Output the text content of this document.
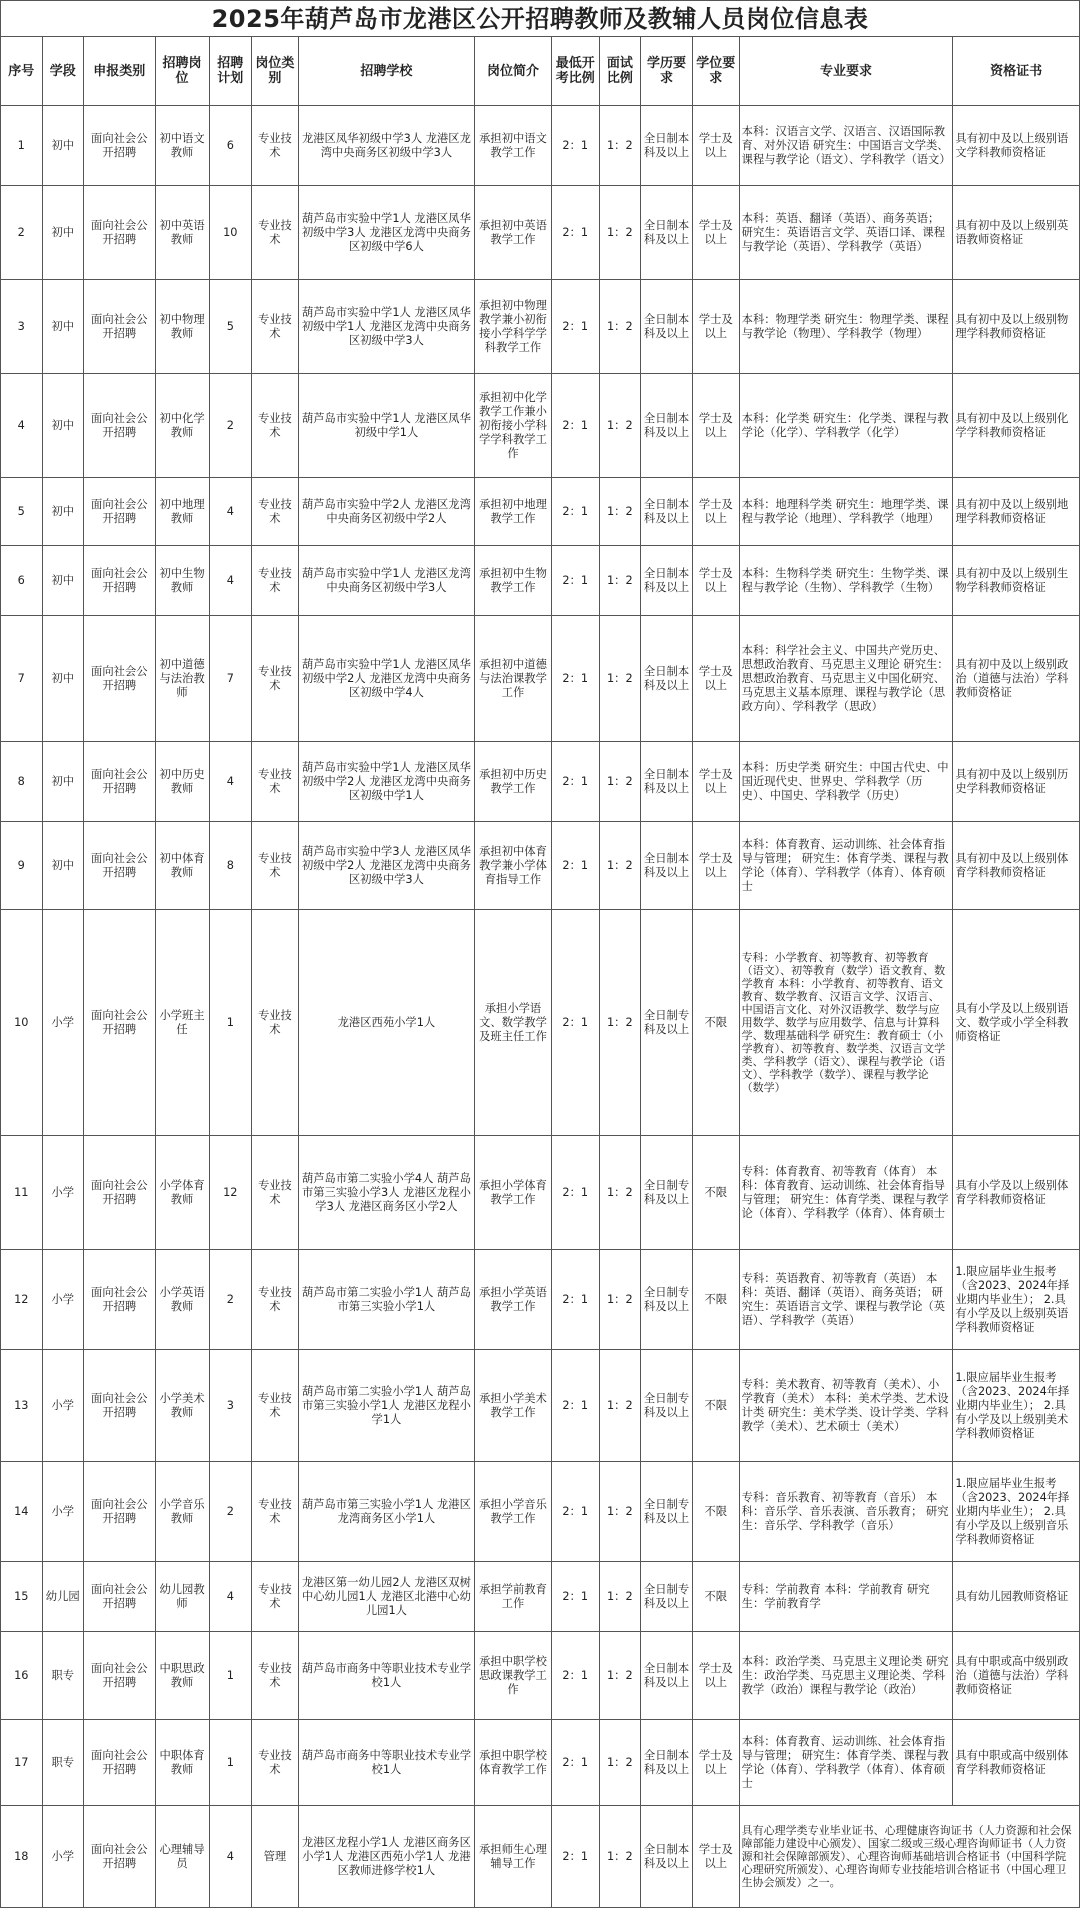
2025年葫芦岛市龙港区公开招聘教师及教辅人员岗位信息表
序号	学段	申报类别	招聘岗位	招聘计划	岗位类别	招聘学校	岗位简介	最低开考比例	面试比例	学历要求	学位要求	专业要求	资格证书
1	初中	面向社会公开招聘	初中语文教师	6	专业技术	龙港区凤华初级中学3人 龙港区龙湾中央商务区初级中学3人	承担初中语文教学工作	2：1	1：2	全日制本科及以上	学士及以上	本科：汉语言文学、汉语言、汉语国际教育、对外汉语 研究生：中国语言文学类、课程与教学论（语文）、学科教学（语文）	具有初中及以上级别语文学科教师资格证
2	初中	面向社会公开招聘	初中英语教师	10	专业技术	葫芦岛市实验中学1人 龙港区凤华初级中学3人 龙港区龙湾中央商务区初级中学6人	承担初中英语教学工作	2：1	1：2	全日制本科及以上	学士及以上	本科：英语、翻译（英语）、商务英语； 研究生：英语语言文学、英语口译、课程与教学论（英语）、学科教学（英语）	具有初中及以上级别英语教师资格证
3	初中	面向社会公开招聘	初中物理教师	5	专业技术	葫芦岛市实验中学1人 龙港区凤华初级中学1人 龙港区龙湾中央商务区初级中学3人	承担初中物理教学兼小初衔接小学科学学科教学工作	2：1	1：2	全日制本科及以上	学士及以上	本科：物理学类 研究生：物理学类、课程与教学论（物理）、学科教学（物理）	具有初中及以上级别物理学科教师资格证
4	初中	面向社会公开招聘	初中化学教师	2	专业技术	葫芦岛市实验中学1人 龙港区凤华初级中学1人	承担初中化学教学工作兼小初衔接小学科学学科教学工作	2：1	1：2	全日制本科及以上	学士及以上	本科：化学类 研究生：化学类、课程与教学论（化学）、学科教学（化学）	具有初中及以上级别化学学科教师资格证
5	初中	面向社会公开招聘	初中地理教师	4	专业技术	葫芦岛市实验中学2人 龙港区龙湾中央商务区初级中学2人	承担初中地理教学工作	2：1	1：2	全日制本科及以上	学士及以上	本科：地理科学类 研究生：地理学类、课程与教学论（地理）、学科教学（地理）	具有初中及以上级别地理学科教师资格证
6	初中	面向社会公开招聘	初中生物教师	4	专业技术	葫芦岛市实验中学1人 龙港区龙湾中央商务区初级中学3人	承担初中生物教学工作	2：1	1：2	全日制本科及以上	学士及以上	本科：生物科学类 研究生：生物学类、课程与教学论（生物）、学科教学（生物）	具有初中及以上级别生物学科教师资格证
7	初中	面向社会公开招聘	初中道德与法治教师	7	专业技术	葫芦岛市实验中学1人 龙港区凤华初级中学2人 龙港区龙湾中央商务区初级中学4人	承担初中道德与法治课教学工作	2：1	1：2	全日制本科及以上	学士及以上	本科：科学社会主义、中国共产党历史、思想政治教育、马克思主义理论 研究生：思想政治教育、马克思主义中国化研究、马克思主义基本原理、课程与教学论（思政方向）、学科教学（思政）	具有初中及以上级别政治（道德与法治）学科教师资格证
8	初中	面向社会公开招聘	初中历史教师	4	专业技术	葫芦岛市实验中学1人 龙港区凤华初级中学2人 龙港区龙湾中央商务区初级中学1人	承担初中历史教学工作	2：1	1：2	全日制本科及以上	学士及以上	本科：历史学类 研究生：中国古代史、中国近现代史、世界史、学科教学（历史）、中国史、学科教学（历史）	具有初中及以上级别历史学科教师资格证
9	初中	面向社会公开招聘	初中体育教师	8	专业技术	葫芦岛市实验中学3人 龙港区凤华初级中学2人 龙港区龙湾中央商务区初级中学3人	承担初中体育教学兼小学体育指导工作	2：1	1：2	全日制本科及以上	学士及以上	本科：体育教育、运动训练、社会体育指导与管理； 研究生：体育学类、课程与教学论（体育）、学科教学（体育）、体育硕士	具有初中及以上级别体育学科教师资格证
10	小学	面向社会公开招聘	小学班主任	1	专业技术	龙港区西苑小学1人	承担小学语文、数学教学及班主任工作	2：1	1：2	全日制专科及以上	不限	专科：小学教育、初等教育、初等教育（语文）、初等教育（数学）语文教育、数学教育 本科：小学教育、初等教育、语文教育、数学教育、汉语言文学、汉语言、中国语言文化、对外汉语教学、数学与应用数学、数学与应用数学、信息与计算科学、数理基础科学 研究生：教育硕士（小学教育）、初等教育、数学类、汉语言文学类、学科教学（语文）、课程与教学论（语文）、学科教学（数学）、课程与教学论（数学）	具有小学及以上级别语文、数学或小学全科教师资格证
11	小学	面向社会公开招聘	小学体育教师	12	专业技术	葫芦岛市第二实验小学4人 葫芦岛市第三实验小学3人 龙港区龙程小学3人 龙港区商务区小学2人	承担小学体育教学工作	2：1	1：2	全日制专科及以上	不限	专科：体育教育、初等教育（体育） 本科：体育教育、运动训练、社会体育指导与管理； 研究生：体育学类、课程与教学论（体育）、学科教学（体育）、体育硕士	具有小学及以上级别体育学科教师资格证
12	小学	面向社会公开招聘	小学英语教师	2	专业技术	葫芦岛市第二实验小学1人 葫芦岛市第三实验小学1人	承担小学英语教学工作	2：1	1：2	全日制专科及以上	不限	专科：英语教育、初等教育（英语） 本科：英语、翻译（英语）、商务英语； 研究生：英语语言文学、课程与教学论（英语）、学科教学（英语）	1.限应届毕业生报考（含2023、2024年择业期内毕业生）； 2.具有小学及以上级别英语学科教师资格证
13	小学	面向社会公开招聘	小学美术教师	3	专业技术	葫芦岛市第二实验小学1人 葫芦岛市第三实验小学1人 龙港区龙程小学1人	承担小学美术教学工作	2：1	1：2	全日制专科及以上	不限	专科：美术教育、初等教育（美术）、小学教育（美术） 本科：美术学类、艺术设计类 研究生：美术学类、设计学类、学科教学（美术）、艺术硕士（美术）	1.限应届毕业生报考（含2023、2024年择业期内毕业生）； 2.具有小学及以上级别美术学科教师资格证
14	小学	面向社会公开招聘	小学音乐教师	2	专业技术	葫芦岛市第三实验小学1人 龙港区龙湾商务区小学1人	承担小学音乐教学工作	2：1	1：2	全日制专科及以上	不限	专科：音乐教育、初等教育（音乐） 本科：音乐学、音乐表演、音乐教育； 研究生：音乐学、学科教学（音乐）	1.限应届毕业生报考（含2023、2024年择业期内毕业生）； 2.具有小学及以上级别音乐学科教师资格证
15	幼儿园	面向社会公开招聘	幼儿园教师	4	专业技术	龙港区第一幼儿园2人 龙港区双树中心幼儿园1人 龙港区北港中心幼儿园1人	承担学前教育工作	2：1	1：2	全日制专科及以上	不限	专科：学前教育 本科：学前教育 研究生：学前教育学	具有幼儿园教师资格证
16	职专	面向社会公开招聘	中职思政教师	1	专业技术	葫芦岛市商务中等职业技术专业学校1人	承担中职学校思政课教学工作	2：1	1：2	全日制本科及以上	学士及以上	本科：政治学类、马克思主义理论类 研究生：政治学类、马克思主义理论类、学科教学（政治）课程与教学论（政治）	具有中职或高中级别政治（道德与法治）学科教师资格证
17	职专	面向社会公开招聘	中职体育教师	1	专业技术	葫芦岛市商务中等职业技术专业学校1人	承担中职学校体育教学工作	2：1	1：2	全日制本科及以上	学士及以上	本科：体育教育、运动训练、社会体育指导与管理； 研究生：体育学类、课程与教学论（体育）、学科教学（体育）、体育硕士	具有中职或高中级别体育学科教师资格证
18	小学	面向社会公开招聘	心理辅导员	4	管理	龙港区龙程小学1人 龙港区商务区小学1人 龙港区西苑小学1人 龙港区教师进修学校1人	承担师生心理辅导工作	2：1	1：2	全日制本科及以上	学士及以上	具有心理学类专业毕业证书、心理健康咨询证书（人力资源和社会保障部能力建设中心颁发）、国家二级或三级心理咨询师证书（人力资源和社会保障部颁发）、心理咨询师基础培训合格证书（中国科学院心理研究所颁发）、心理咨询师专业技能培训合格证书（中国心理卫生协会颁发）之一。	
